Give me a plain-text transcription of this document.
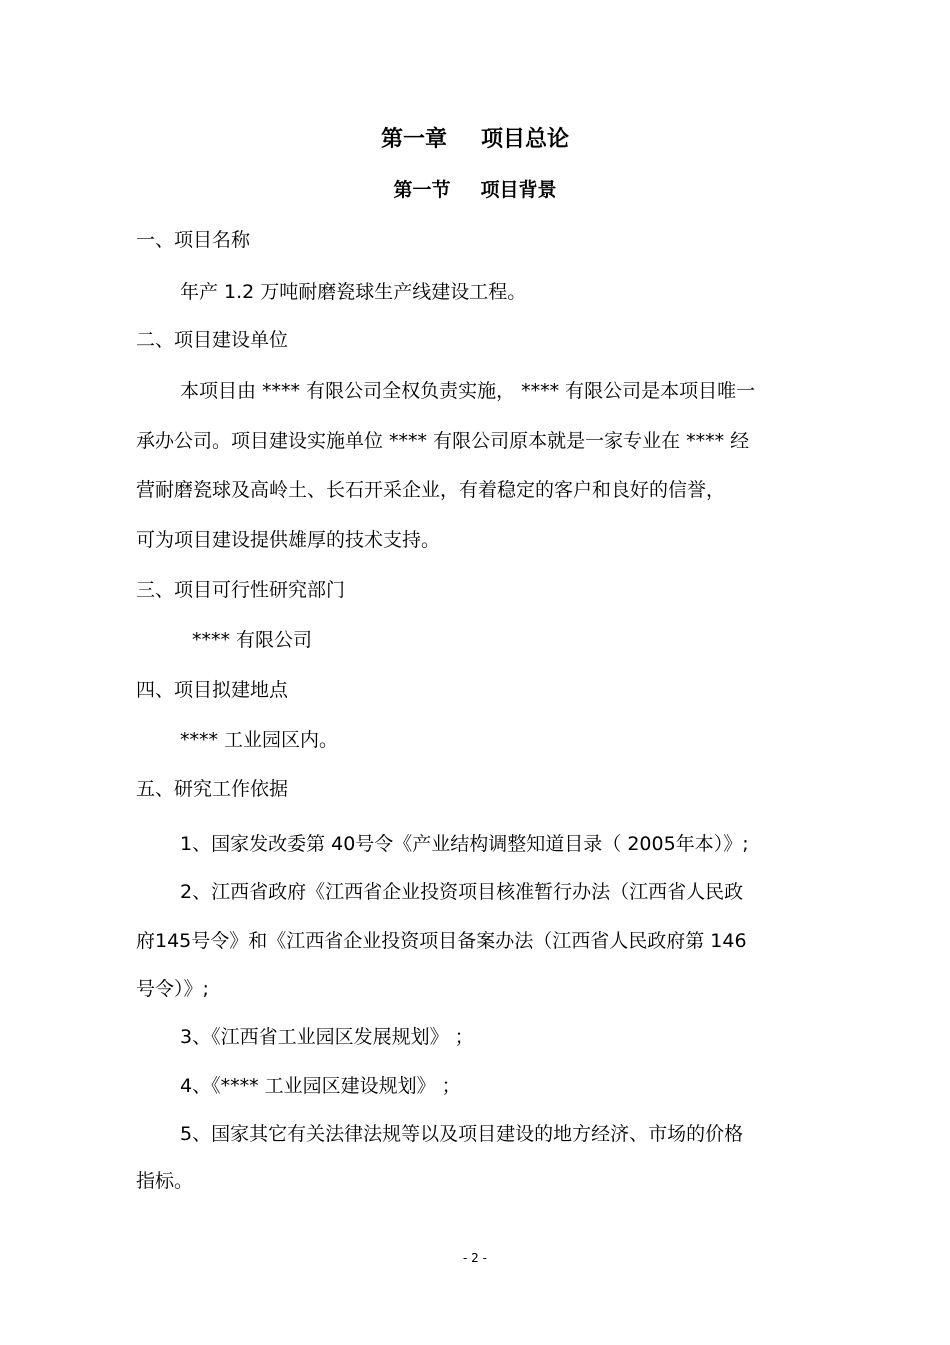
第一章 项目总论
第一节 项目背景

一、项目名称

年产 1.2 万吨耐磨瓷球生产线建设工程。

二、项目建设单位

本项目由 **** 有限公司全权负责实施， **** 有限公司是本项目唯一

承办公司。项目建设实施单位 **** 有限公司原本就是一家专业在 **** 经

营耐磨瓷球及高岭土、长石开采企业，有着稳定的客户和良好的信誉，

可为项目建设提供雄厚的技术支持。

三、项目可行性研究部门

**** 有限公司

四、项目拟建地点

**** 工业园区内。

五、研究工作依据

1、国家发改委第 40号令《产业结构调整知道目录（ 2005年本）》;

2、江西省政府《江西省企业投资项目核准暂行办法（江西省人民政

府145号令》和《江西省企业投资项目备案办法（江西省人民政府第 146

号令）》;

3、《江西省工业园区发展规划》 ；

4、《**** 工业园区建设规划》 ；

5、国家其它有关法律法规等以及项目建设的地方经济、市场的价格

指标。

- 2 -
